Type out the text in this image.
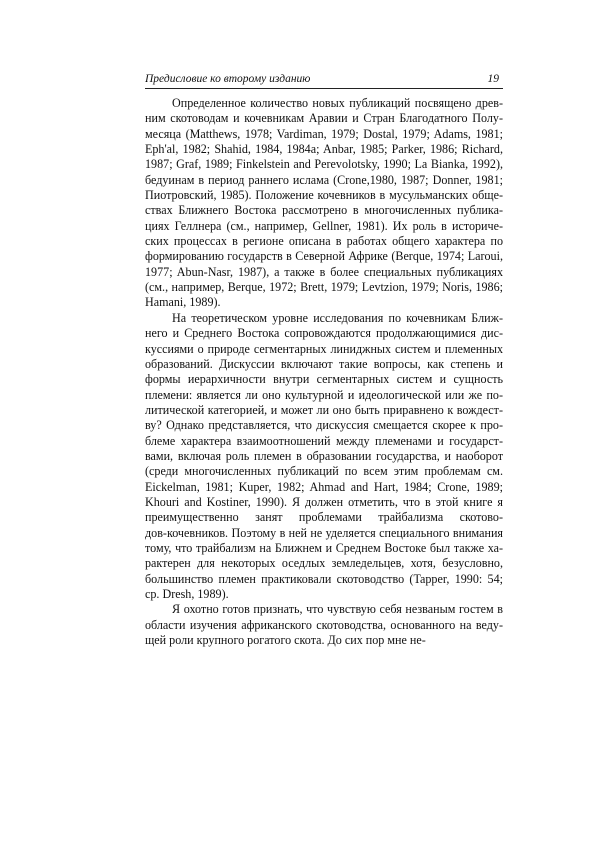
Предисловие ко второму изданию	19
Определенное количество новых публикаций посвящено древ-
ним скотоводам и кочевникам Аравии и Стран Благодатного Полу-
месяца (Matthews, 1978; Vardiman, 1979; Dostal, 1979; Adams, 1981;
Eph'al, 1982; Shahid, 1984, 1984a; Anbar, 1985; Parker, 1986; Richard,
1987; Graf, 1989; Finkelstein and Perevolotsky, 1990; La Bianka, 1992),
бедуинам в период раннего ислама (Crone,1980, 1987; Donner, 1981;
Пиотровский, 1985). Положение кочевников в мусульманских обще-
ствах Ближнего Востока рассмотрено в многочисленных публика-
циях Геллнера (см., например, Gellner, 1981). Их роль в историче-
ских процессах в регионе описана в работах общего характера по
формированию государств в Северной Африке (Berque, 1974; Laroui,
1977; Abun-Nasr, 1987), а также в более специальных публикациях
(см., например, Berque, 1972; Brett, 1979; Levtzion, 1979; Noris, 1986;
Hamani, 1989).
На теоретическом уровне исследования по кочевникам Ближ-
него и Среднего Востока сопровождаются продолжающимися дис-
куссиями о природе сегментарных линиджных систем и племенных
образований. Дискуссии включают такие вопросы, как степень и
формы иерархичности внутри сегментарных систем и сущность
племени: является ли оно культурной и идеологической или же по-
литической категорией, и может ли оно быть приравнено к вождест-
ву? Однако представляется, что дискуссия смещается скорее к про-
блеме характера взаимоотношений между племенами и государст-
вами, включая роль племен в образовании государства, и наоборот
(среди многочисленных публикаций по всем этим проблемам см.
Eickelman, 1981; Kuper, 1982; Ahmad and Hart, 1984; Crone, 1989;
Khouri and Kostiner, 1990). Я должен отметить, что в этой книге я
преимущественно занят проблемами трайбализма скотово-
дов-кочевников. Поэтому в ней не уделяется специального внимания
тому, что трайбализм на Ближнем и Среднем Востоке был также ха-
рактерен для некоторых оседлых земледельцев, хотя, безусловно,
большинство племен практиковали скотоводство (Tapper, 1990: 54;
cp. Dresh, 1989).
Я охотно готов признать, что чувствую себя незваным гостем в
области изучения африканского скотоводства, основанного на веду-
щей роли крупного рогатого скота. До сих пор мне не-
